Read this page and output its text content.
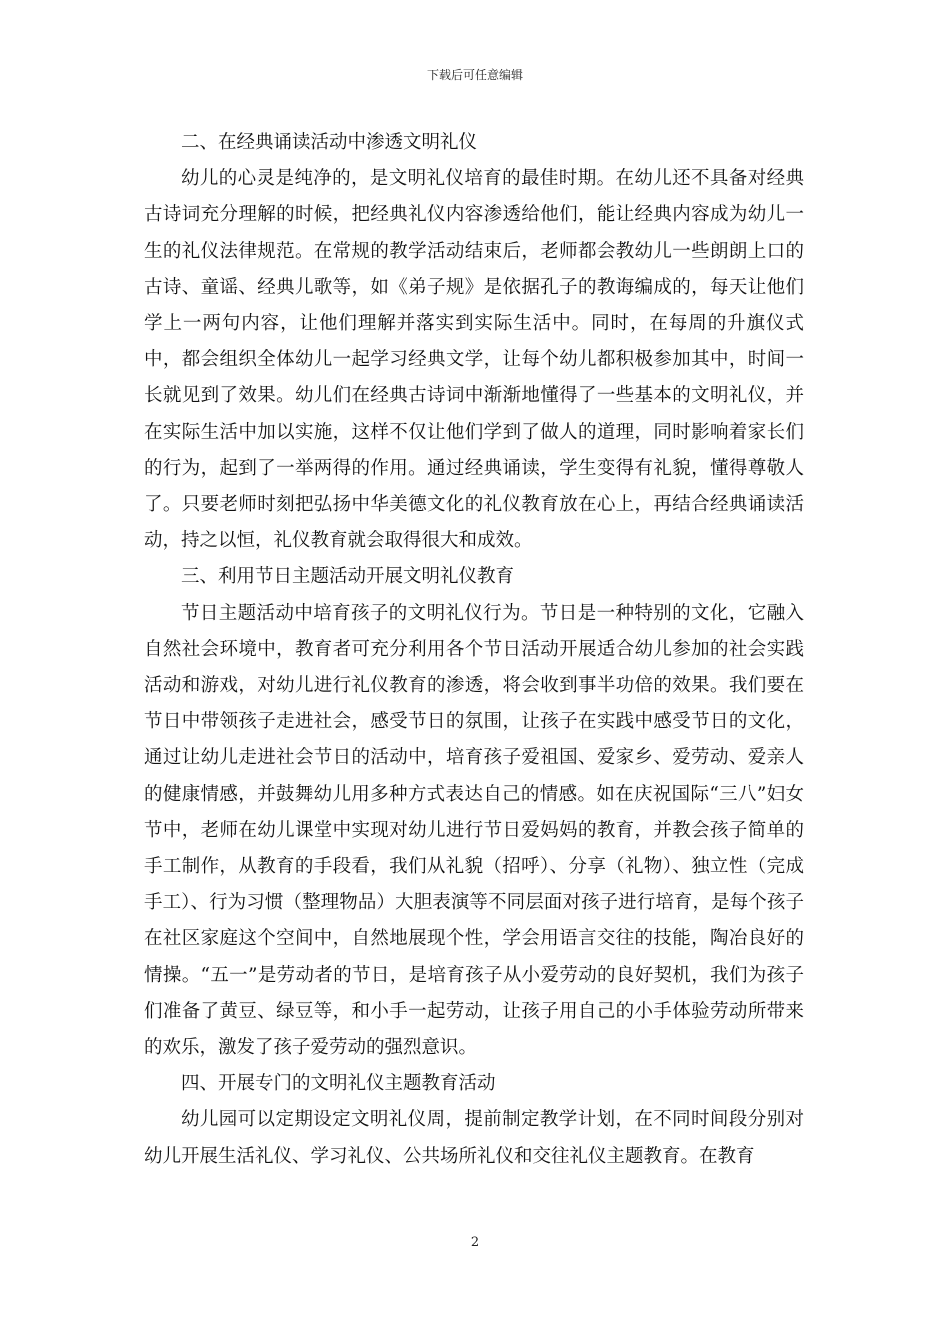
下载后可任意编辑

二、在经典诵读活动中渗透文明礼仪

幼儿的心灵是纯净的，是文明礼仪培育的最佳时期。在幼儿还不具备对经典古诗词充分理解的时候，把经典礼仪内容渗透给他们，能让经典内容成为幼儿一生的礼仪法律规范。在常规的教学活动结束后，老师都会教幼儿一些朗朗上口的古诗、童谣、经典儿歌等，如《弟子规》是依据孔子的教诲编成的，每天让他们学上一两句内容，让他们理解并落实到实际生活中。同时，在每周的升旗仪式中，都会组织全体幼儿一起学习经典文学，让每个幼儿都积极参加其中，时间一长就见到了效果。幼儿们在经典古诗词中渐渐地懂得了一些基本的文明礼仪，并在实际生活中加以实施，这样不仅让他们学到了做人的道理，同时影响着家长们的行为，起到了一举两得的作用。通过经典诵读，学生变得有礼貌，懂得尊敬人了。只要老师时刻把弘扬中华美德文化的礼仪教育放在心上，再结合经典诵读活动，持之以恒，礼仪教育就会取得很大和成效。

三、利用节日主题活动开展文明礼仪教育

节日主题活动中培育孩子的文明礼仪行为。节日是一种特别的文化，它融入自然社会环境中，教育者可充分利用各个节日活动开展适合幼儿参加的社会实践活动和游戏，对幼儿进行礼仪教育的渗透，将会收到事半功倍的效果。我们要在节日中带领孩子走进社会，感受节日的氛围，让孩子在实践中感受节日的文化，通过让幼儿走进社会节日的活动中，培育孩子爱祖国、爱家乡、爱劳动、爱亲人的健康情感，并鼓舞幼儿用多种方式表达自己的情感。如在庆祝国际“三八”妇女节中，老师在幼儿课堂中实现对幼儿进行节日爱妈妈的教育，并教会孩子简单的手工制作，从教育的手段看，我们从礼貌（招呼）、分享（礼物）、独立性（完成手工）、行为习惯（整理物品）大胆表演等不同层面对孩子进行培育，是每个孩子在社区家庭这个空间中，自然地展现个性，学会用语言交往的技能，陶冶良好的情操。“五一”是劳动者的节日，是培育孩子从小爱劳动的良好契机，我们为孩子们准备了黄豆、绿豆等，和小手一起劳动，让孩子用自己的小手体验劳动所带来的欢乐，激发了孩子爱劳动的强烈意识。

四、开展专门的文明礼仪主题教育活动

幼儿园可以定期设定文明礼仪周，提前制定教学计划，在不同时间段分别对幼儿开展生活礼仪、学习礼仪、公共场所礼仪和交往礼仪主题教育。在教育

2
